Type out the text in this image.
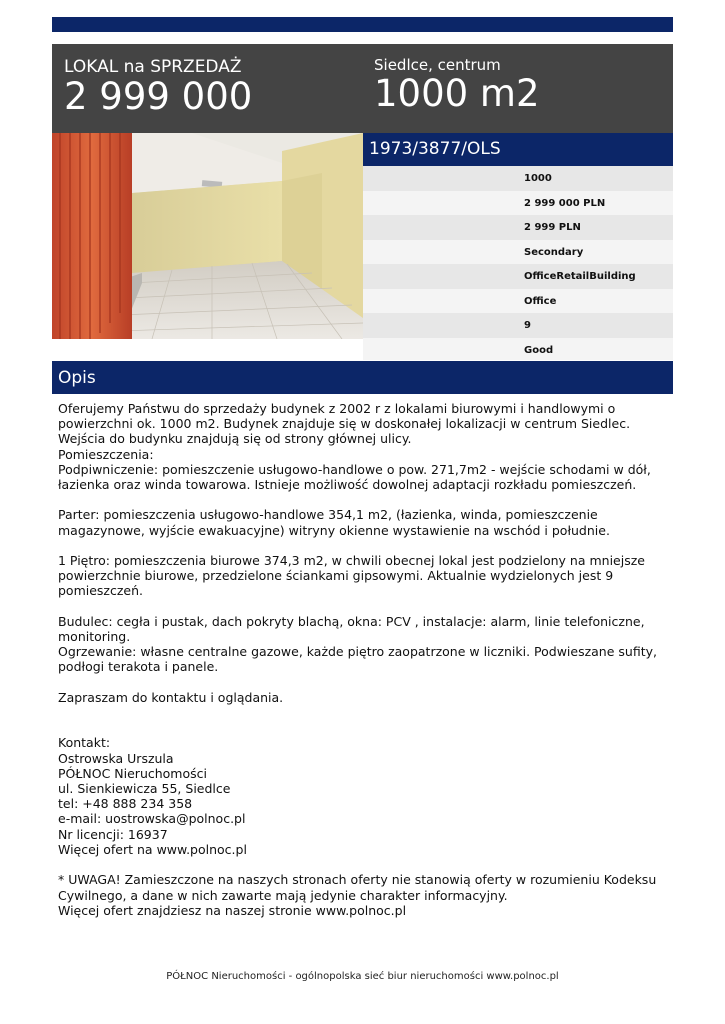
LOKAL na SPRZEDAŻ
2 999 000
Siedlce, centrum
1000 m2
1973/3877/OLS
1000
2 999 000 PLN
2 999 PLN
Secondary
OfficeRetailBuilding
Office
9
Good
Opis
Oferujemy Państwu do sprzedaży budynek z 2002 r z lokalami biurowymi i handlowymi o powierzchni ok. 1000 m2. Budynek znajduje się w doskonałej lokalizacji w centrum Siedlec. Wejścia do budynku znajdują się od strony głównej ulicy.
Pomieszczenia:
Podpiwniczenie: pomieszczenie usługowo-handlowe o pow. 271,7m2 - wejście schodami w dół, łazienka oraz winda towarowa. Istnieje możliwość dowolnej adaptacji rozkładu pomieszczeń.

Parter: pomieszczenia usługowo-handlowe 354,1 m2, (łazienka, winda, pomieszczenie magazynowe, wyjście ewakuacyjne) witryny okienne wystawienie na wschód i południe.

1 Piętro: pomieszczenia biurowe 374,3 m2, w chwili obecnej lokal jest podzielony na mniejsze powierzchnie biurowe, przedzielone ściankami gipsowymi. Aktualnie wydzielonych jest 9 pomieszczeń.

Budulec: cegła i pustak, dach pokryty blachą, okna: PCV , instalacje: alarm, linie telefoniczne, monitoring.
Ogrzewanie: własne centralne gazowe, każde piętro zaopatrzone w liczniki. Podwieszane sufity, podłogi terakota i panele.

Zapraszam do kontaktu i oglądania.

Kontakt:
Ostrowska Urszula
PÓŁNOC Nieruchomości
ul. Sienkiewicza 55, Siedlce
tel: +48 888 234 358
e-mail: uostrowska@polnoc.pl
Nr licencji: 16937
Więcej ofert na www.polnoc.pl

* UWAGA! Zamieszczone na naszych stronach oferty nie stanowią oferty w rozumieniu Kodeksu Cywilnego, a dane w nich zawarte mają jedynie charakter informacyjny.
Więcej ofert znajdziesz na naszej stronie www.polnoc.pl
PÓŁNOC Nieruchomości - ogólnopolska sieć biur nieruchomości www.polnoc.pl
